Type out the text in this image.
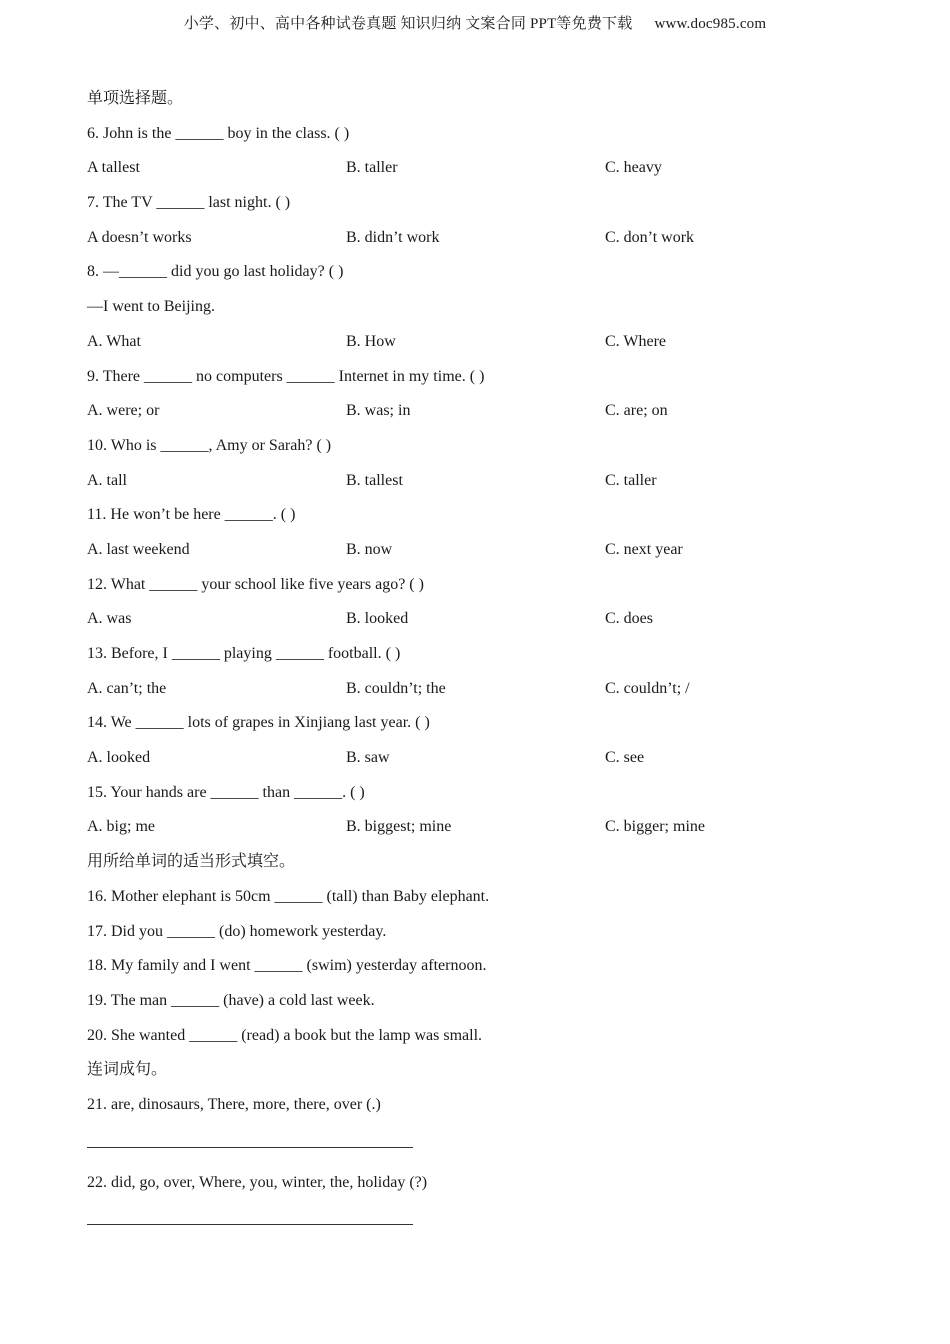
小学、初中、高中各种试卷真题 知识归纳 文案合同 PPT等免费下载 www.doc985.com
单项选择题。
6. John is the ______ boy in the class. ( )
A tallest	B. taller	C. heavy
7. The TV ______ last night. ( )
A doesn’t works	B. didn’t work	C. don’t work
8. —______ did you go last holiday? ( )
—I went to Beijing.
A. What	B. How	C. Where
9. There ______ no computers ______ Internet in my time. ( )
A. were; or	B. was; in	C. are; on
10. Who is ______, Amy or Sarah? ( )
A. tall	B. tallest	C. taller
11. He won’t be here ______. ( )
A. last weekend	B. now	C. next year
12. What ______ your school like five years ago? ( )
A. was	B. looked	C. does
13. Before, I ______ playing ______ football. ( )
A. can’t; the	B. couldn’t; the	C. couldn’t; /
14. We ______ lots of grapes in Xinjiang last year. ( )
A. looked	B. saw	C. see
15. Your hands are ______ than ______. ( )
A. big; me	B. biggest; mine	C. bigger; mine
用所给单词的适当形式填空。
16. Mother elephant is 50cm ______ (tall) than Baby elephant.
17. Did you ______ (do) homework yesterday.
18. My family and I went ______ (swim) yesterday afternoon.
19. The man ______ (have) a cold last week.
20. She wanted ______ (read) a book but the lamp was small.
连词成句。
21. are, dinosaurs, There, more, there, over (.)
22. did, go, over, Where, you, winter, the, holiday (?)
